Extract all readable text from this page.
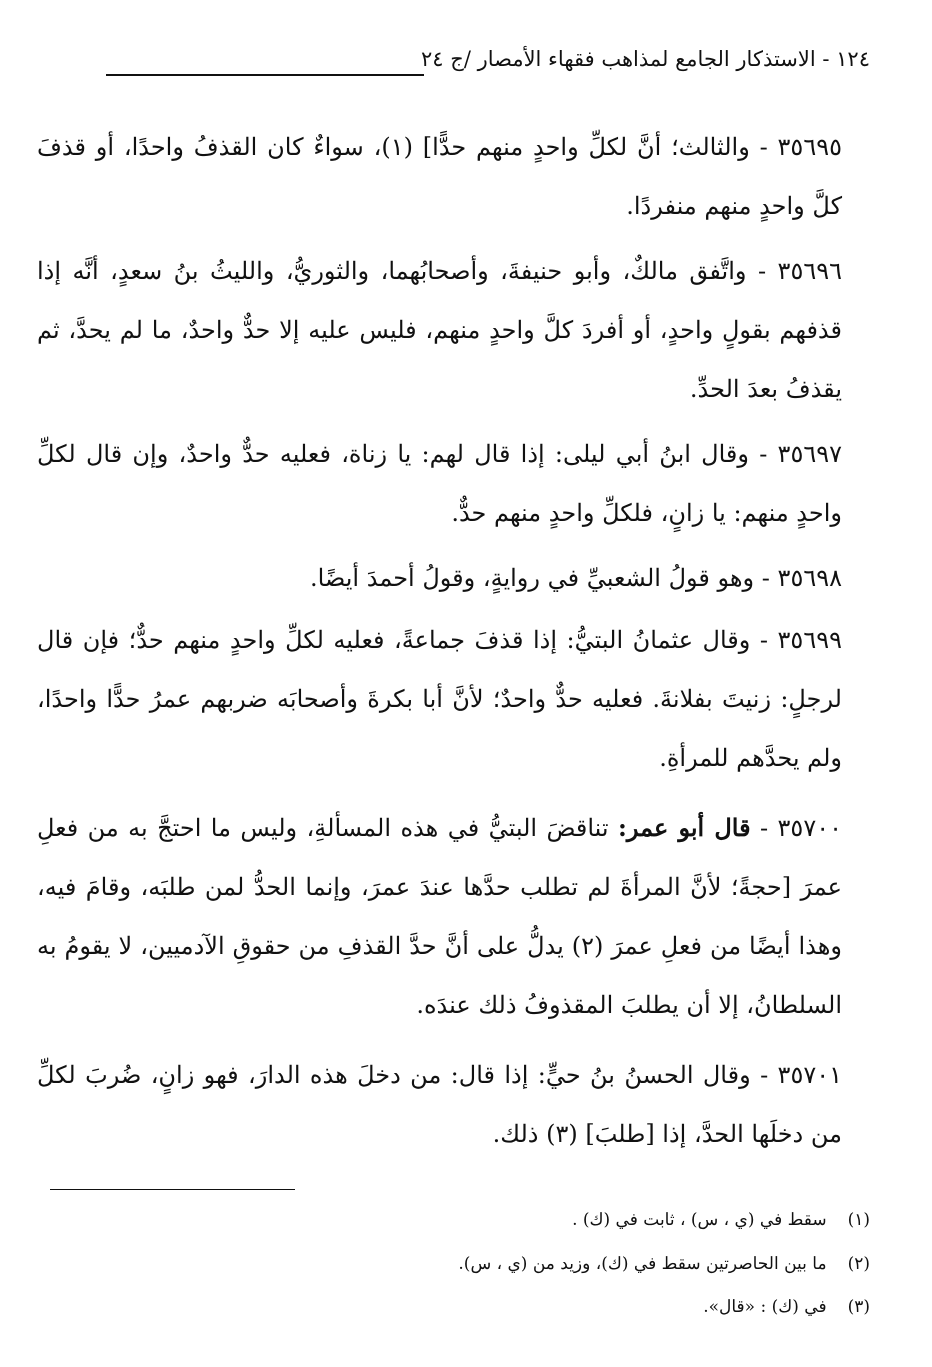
١٢٤ - الاستذكار الجامع لمذاهب فقهاء الأمصار /ج ٢٤
٣٥٦٩٥ - والثالث؛ أنَّ لكلِّ واحدٍ منهم حدًّا] (١)، سواءٌ كان القذفُ واحدًا، أو قذفَ كلَّ واحدٍ منهم منفردًا.
٣٥٦٩٦ - واتَّفق مالكٌ، وأبو حنيفةَ، وأصحابُهما، والثوريُّ، والليثُ بنُ سعدٍ، أنَّه إذا قذفهم بقولٍ واحدٍ، أو أفردَ كلَّ واحدٍ منهم، فليس عليه إلا حدٌّ واحدٌ، ما لم يحدَّ، ثم يقذفُ بعدَ الحدِّ.
٣٥٦٩٧ - وقال ابنُ أبي ليلى: إذا قال لهم: يا زناة، فعليه حدٌّ واحدٌ، وإن قال لكلِّ واحدٍ منهم: يا زانٍ، فلكلِّ واحدٍ منهم حدٌّ.
٣٥٦٩٨ - وهو قولُ الشعبيِّ في روايةٍ، وقولُ أحمدَ أيضًا.
٣٥٦٩٩ - وقال عثمانُ البتيُّ: إذا قذفَ جماعةً، فعليه لكلِّ واحدٍ منهم حدٌّ؛ فإن قال لرجلٍ: زنيتَ بفلانةَ. فعليه حدٌّ واحدٌ؛ لأنَّ أبا بكرةَ وأصحابَه ضربهم عمرُ حدًّا واحدًا، ولم يحدَّهم للمرأةِ.
٣٥٧٠٠ - قال أبو عمر: تناقضَ البتيُّ في هذه المسألةِ، وليس ما احتجَّ به من فعلِ عمرَ [حجةً؛ لأنَّ المرأةَ لم تطلب حدَّها عندَ عمرَ، وإنما الحدُّ لمن طلبَه، وقامَ فيه، وهذا أيضًا من فعلِ عمرَ (٢) يدلُّ على أنَّ حدَّ القذفِ من حقوقِ الآدميين، لا يقومُ به السلطانُ، إلا أن يطلبَ المقذوفُ ذلك عندَه.
٣٥٧٠١ - وقال الحسنُ بنُ حيٍّ: إذا قال: من دخلَ هذه الدارَ، فهو زانٍ، ضُربَ لكلِّ من دخلَها الحدَّ، إذا [طلبَ] (٣) ذلك.
(١) سقط في (ي ، س) ، ثابت في (ك) .
(٢) ما بين الحاصرتين سقط في (ك)، وزيد من (ي ، س).
(٣) في (ك) : «قال».
